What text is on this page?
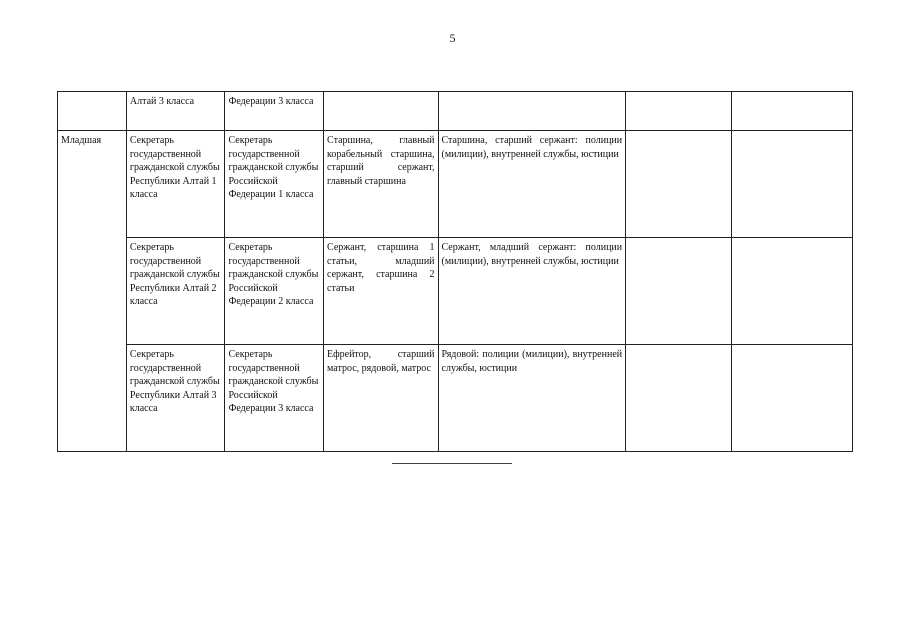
5
	Алтай 3 класса	Федерации 3 класса				
Младшая	Секретарь государственной гражданской службы Республики Алтай 1 класса	Секретарь государственной гражданской службы Российской Федерации 1 класса	Старшина, главный корабельный старшина, старший сержант, главный старшина	Старшина, старший сержант: полиции (милиции), внутренней службы, юстиции		
	Секретарь государственной гражданской службы Республики Алтай 2 класса	Секретарь государственной гражданской службы Российской Федерации 2 класса	Сержант, старшина 1 статьи, младший сержант, старшина 2 статьи	Сержант, младший сержант: полиции (милиции), внутренней службы, юстиции		
	Секретарь государственной гражданской службы Республики Алтай 3 класса	Секретарь государственной гражданской службы Российской Федерации 3 класса	Ефрейтор, старший матрос, рядовой, матрос	Рядовой: полиции (милиции), внутренней службы, юстиции		
